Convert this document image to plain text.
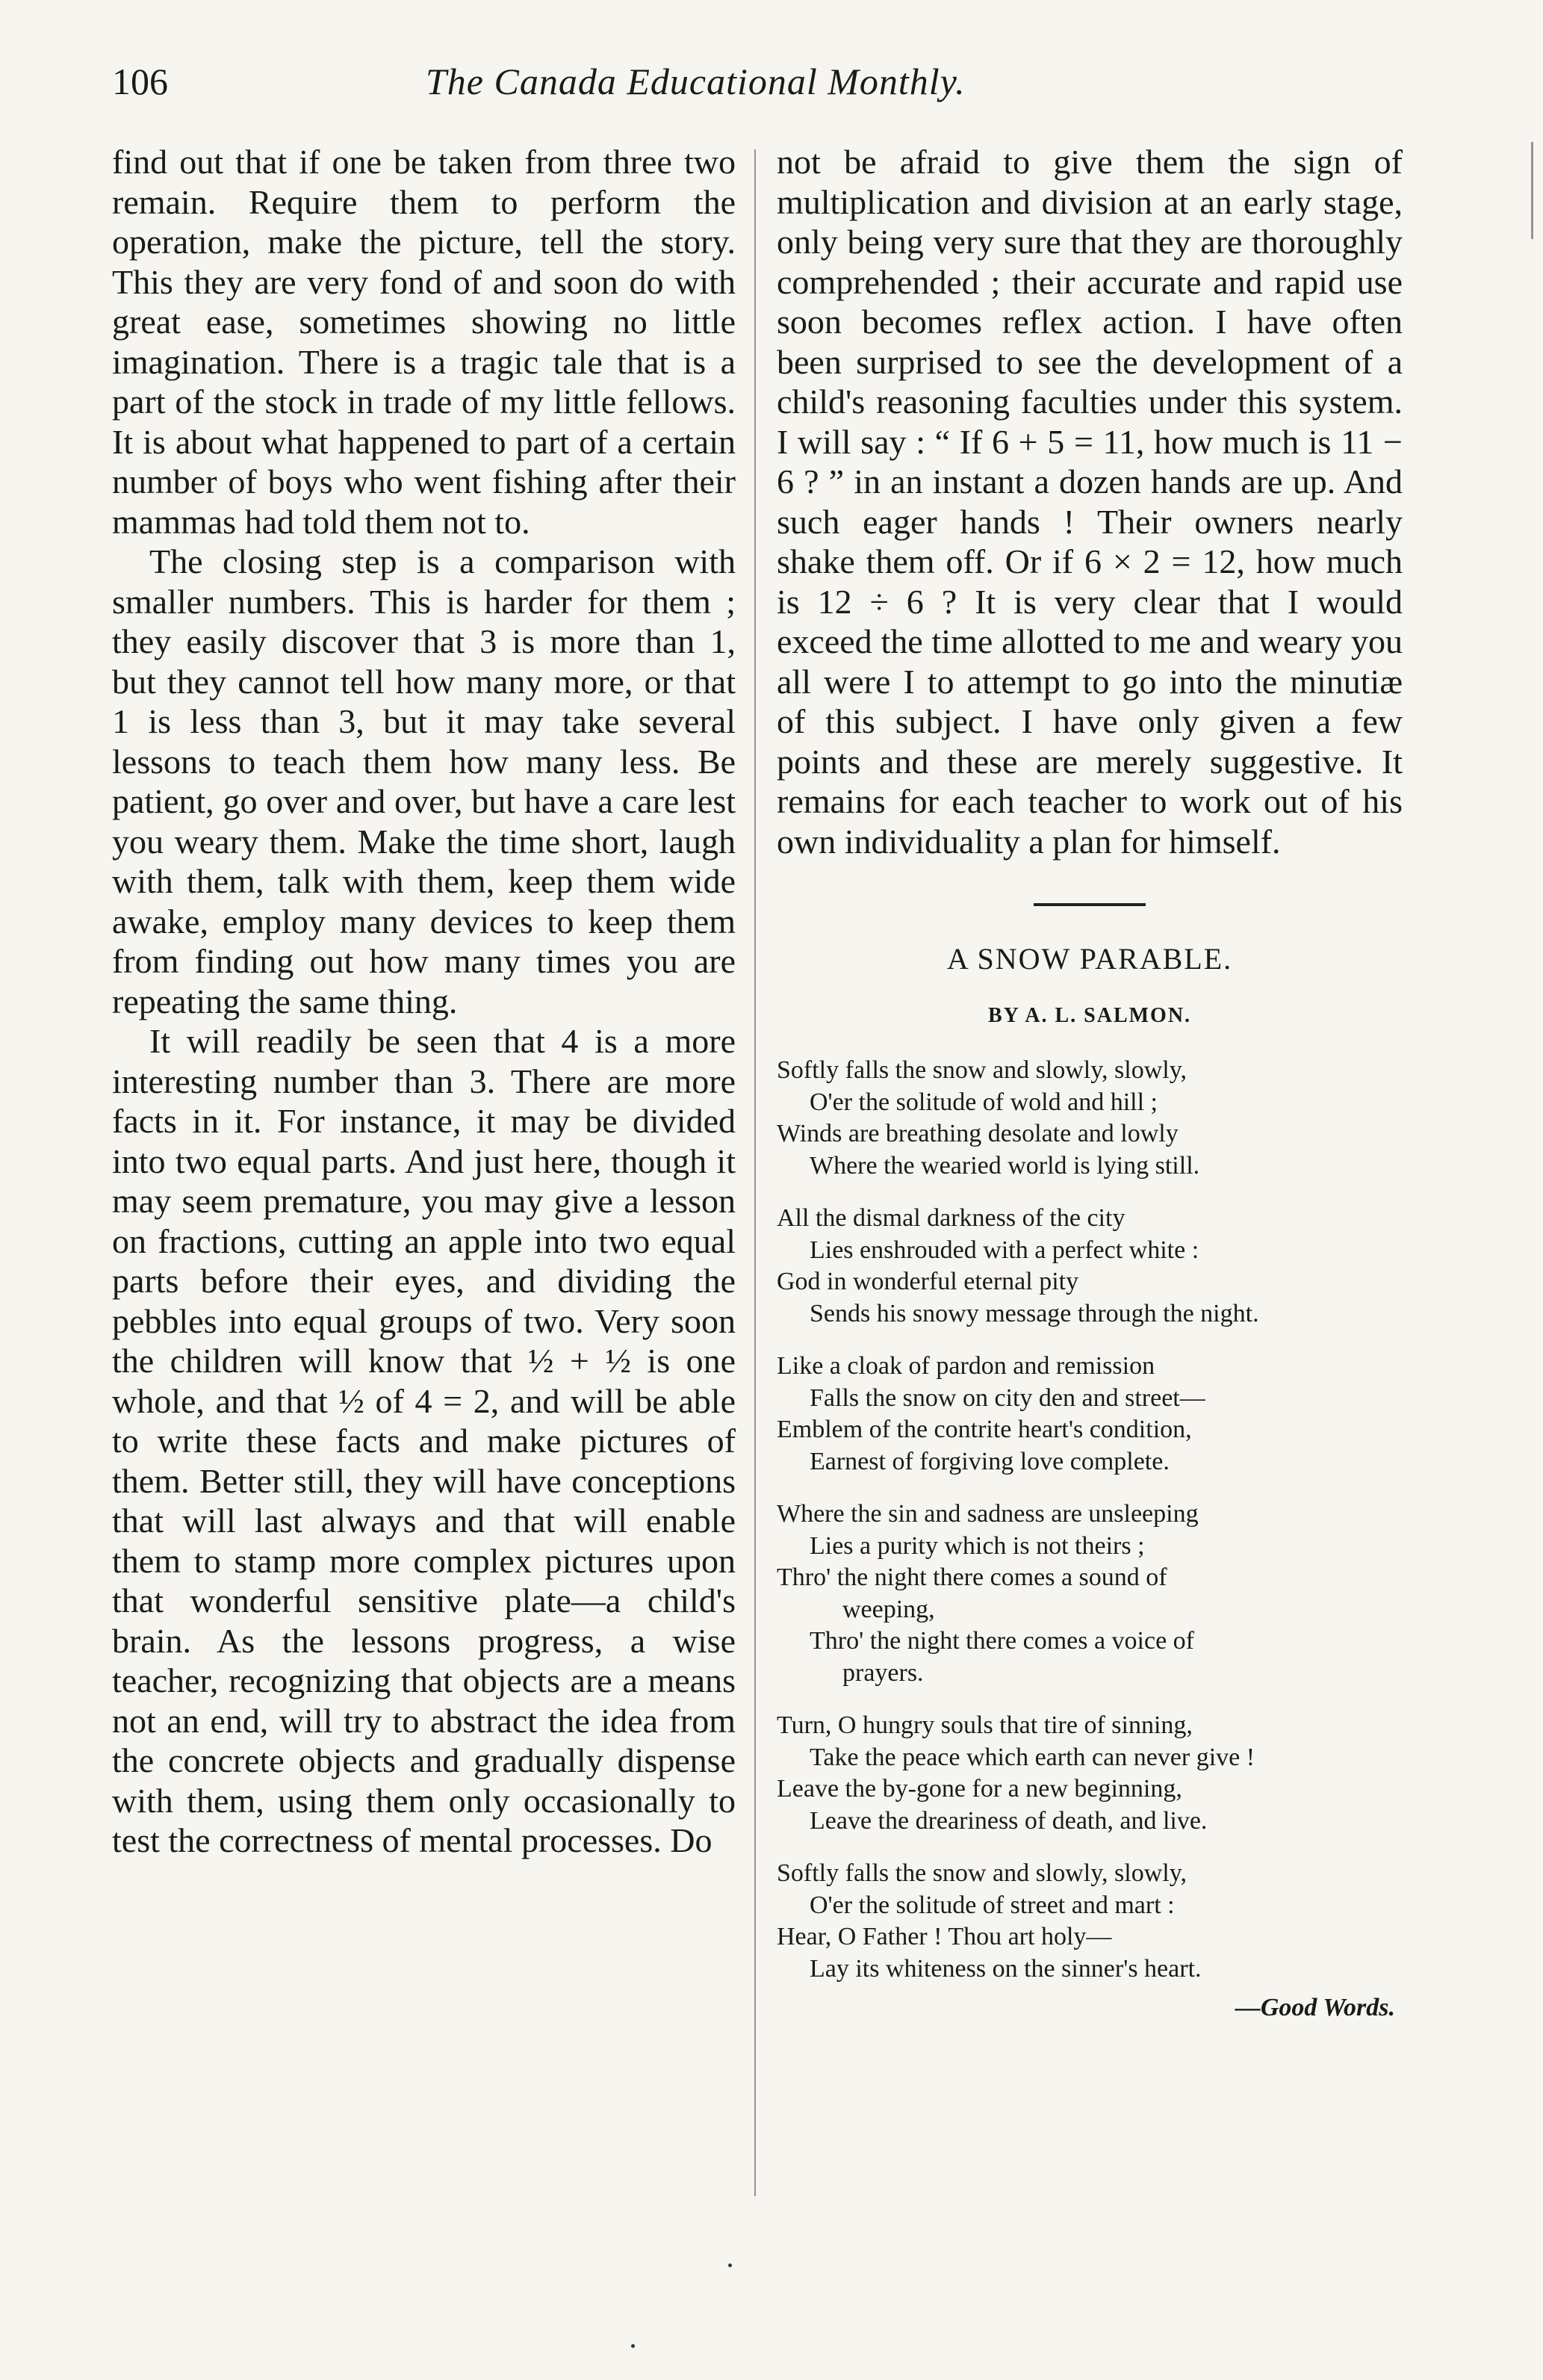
106	The Canada Educational Monthly.

find out that if one be taken from three two remain. Require them to perform the operation, make the picture, tell the story. This they are very fond of and soon do with great ease, sometimes showing no little imagination. There is a tragic tale that is a part of the stock in trade of my little fellows. It is about what happened to part of a certain number of boys who went fishing after their mammas had told them not to.

The closing step is a comparison with smaller numbers. This is harder for them ; they easily discover that 3 is more than 1, but they cannot tell how many more, or that 1 is less than 3, but it may take several lessons to teach them how many less. Be patient, go over and over, but have a care lest you weary them. Make the time short, laugh with them, talk with them, keep them wide awake, employ many devices to keep them from finding out how many times you are repeating the same thing.

It will readily be seen that 4 is a more interesting number than 3. There are more facts in it. For instance, it may be divided into two equal parts. And just here, though it may seem premature, you may give a lesson on fractions, cutting an apple into two equal parts before their eyes, and dividing the pebbles into equal groups of two. Very soon the children will know that ½ + ½ is one whole, and that ½ of 4 = 2, and will be able to write these facts and make pictures of them. Better still, they will have conceptions that will last always and that will enable them to stamp more complex pictures upon that wonderful sensitive plate—a child's brain. As the lessons progress, a wise teacher, recognizing that objects are a means not an end, will try to abstract the idea from the concrete objects and gradually dispense with them, using them only occasionally to test the correctness of mental processes. Do

not be afraid to give them the sign of multiplication and division at an early stage, only being very sure that they are thoroughly comprehended ; their accurate and rapid use soon becomes reflex action. I have often been surprised to see the development of a child's reasoning faculties under this system. I will say : “ If 6 + 5 = 11, how much is 11 − 6 ? ” in an instant a dozen hands are up. And such eager hands ! Their owners nearly shake them off. Or if 6 × 2 = 12, how much is 12 ÷ 6 ? It is very clear that I would exceed the time allotted to me and weary you all were I to attempt to go into the minutiæ of this subject. I have only given a few points and these are merely suggestive. It remains for each teacher to work out of his own individuality a plan for himself.

A SNOW PARABLE.
BY A. L. SALMON.
Softly falls the snow and slowly, slowly,
O'er the solitude of wold and hill ;
Winds are breathing desolate and lowly
Where the wearied world is lying still.
All the dismal darkness of the city
Lies enshrouded with a perfect white :
God in wonderful eternal pity
Sends his snowy message through the night.
Like a cloak of pardon and remission
Falls the snow on city den and street—
Emblem of the contrite heart's condition,
Earnest of forgiving love complete.
Where the sin and sadness are unsleeping
Lies a purity which is not theirs ;
Thro' the night there comes a sound of
weeping,
Thro' the night there comes a voice of
prayers.
Turn, O hungry souls that tire of sinning,
Take the peace which earth can never give !
Leave the by-gone for a new beginning,
Leave the dreariness of death, and live.
Softly falls the snow and slowly, slowly,
O'er the solitude of street and mart :
Hear, O Father ! Thou art holy—
Lay its whiteness on the sinner's heart.
—Good Words.
